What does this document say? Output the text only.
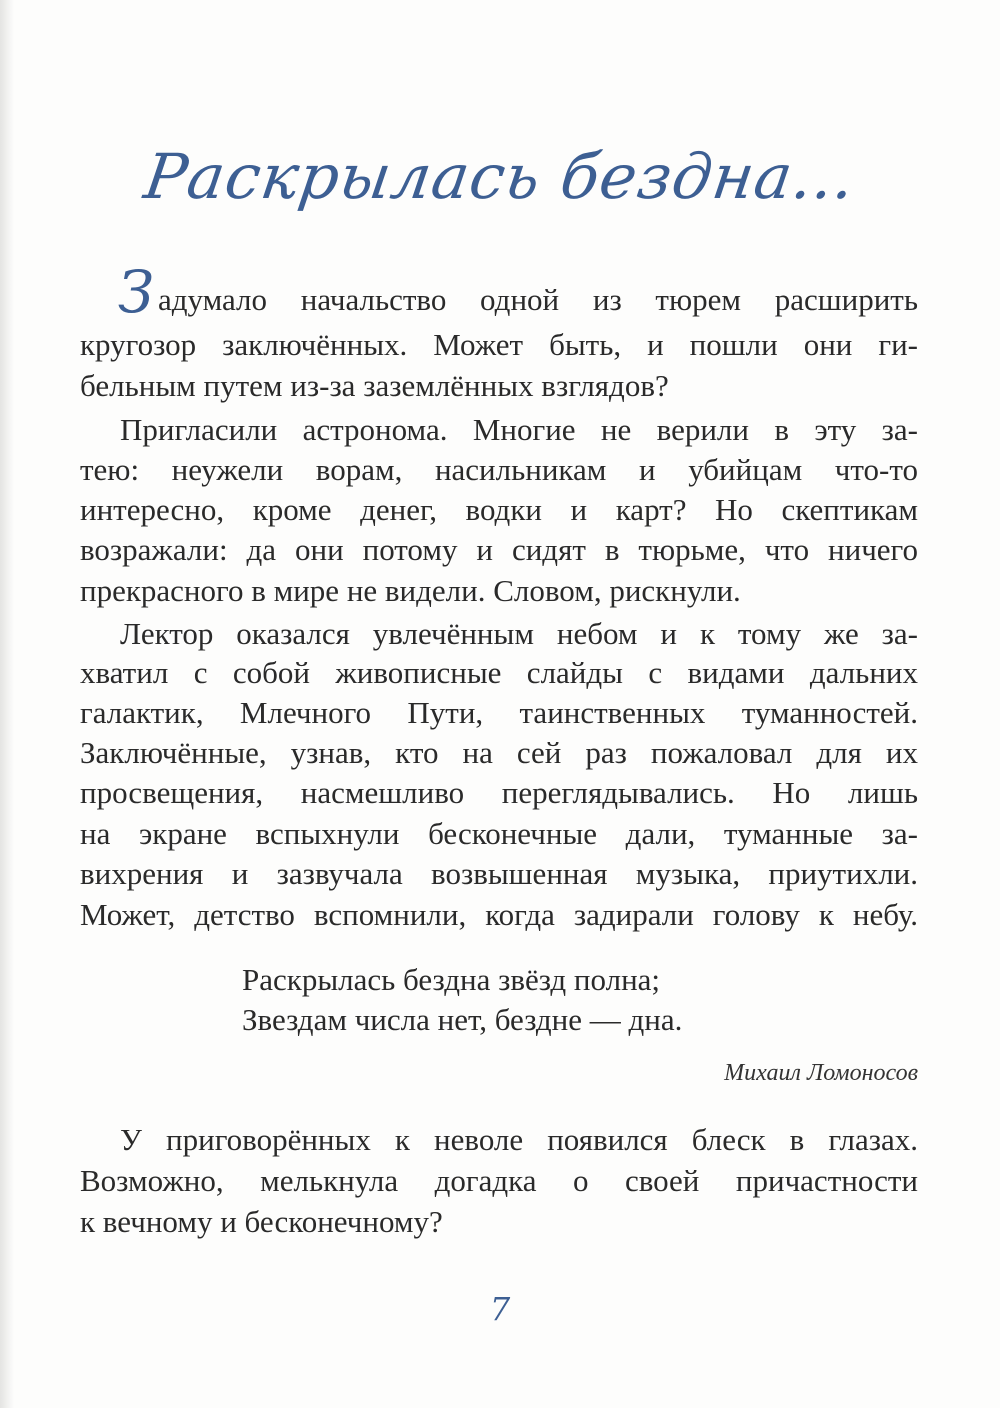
Раскрылась бездна...
З адумало начальство одной из тюрем расширить
кругозор заключённых. Может быть, и пошли они ги-
бельным путем из-за заземлённых взглядов?
Пригласили астронома. Многие не верили в эту за-
тею: неужели ворам, насильникам и убийцам что-то
интересно, кроме денег, водки и карт? Но скептикам
возражали: да они потому и сидят в тюрьме, что ничего
прекрасного в мире не видели. Словом, рискнули.
Лектор оказался увлечённым небом и к тому же за-
хватил с собой живописные слайды с видами дальних
галактик, Млечного Пути, таинственных туманностей.
Заключённые, узнав, кто на сей раз пожаловал для их
просвещения, насмешливо переглядывались. Но лишь
на экране вспыхнули бесконечные дали, туманные за-
вихрения и зазвучала возвышенная музыка, приутихли.
Может, детство вспомнили, когда задирали голову к небу.
Раскрылась бездна звёзд полна;
Звездам числа нет, бездне — дна.
Михаил Ломоносов
У приговорённых к неволе появился блеск в глазах.
Возможно, мелькнула догадка о своей причастности
к вечному и бесконечному?
7
